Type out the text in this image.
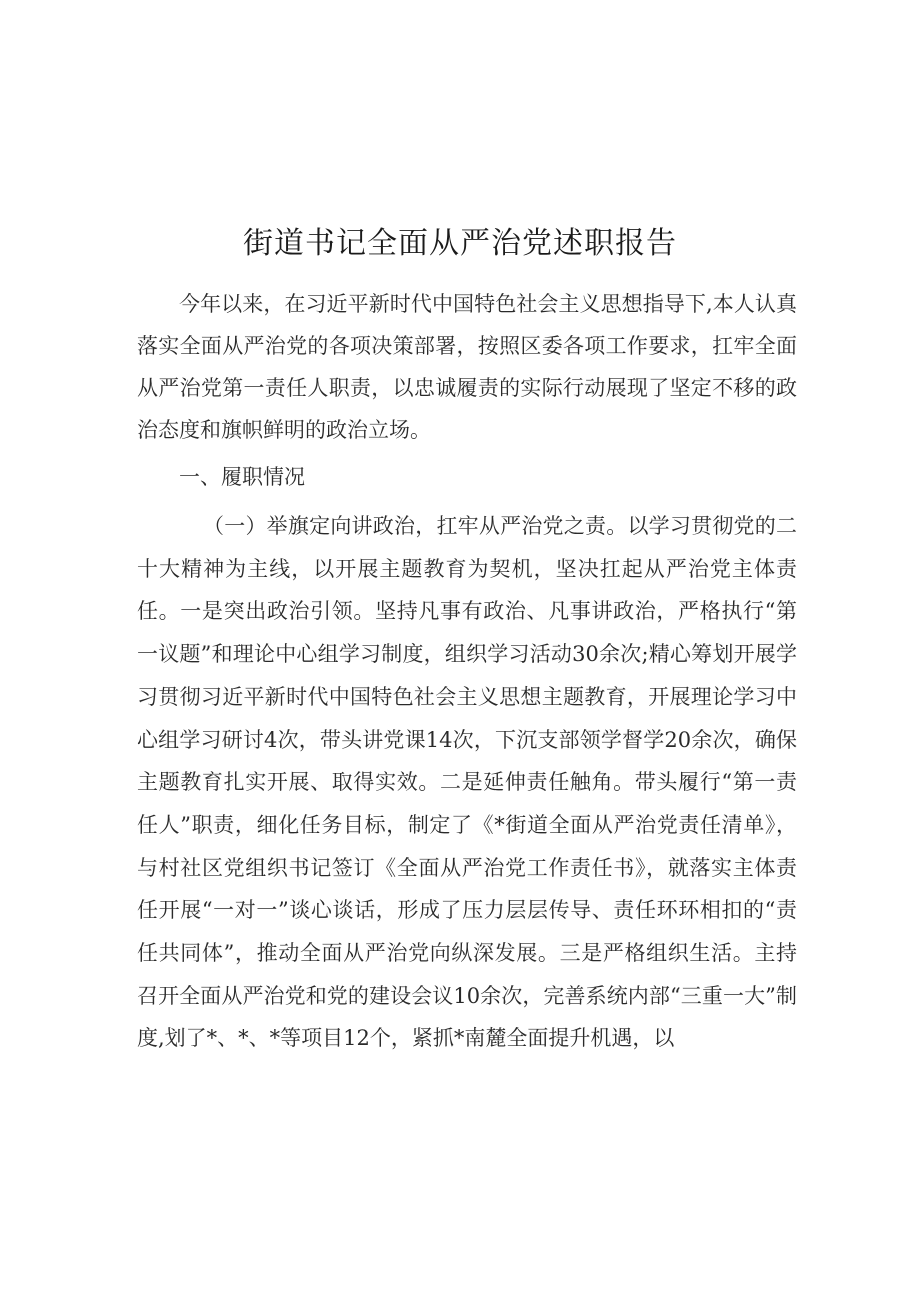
街道书记全面从严治党述职报告

今年以来，在习近平新时代中国特色社会主义思想指导下,本人认真落实全面从严治党的各项决策部署，按照区委各项工作要求，扛牢全面从严治党第一责任人职责，以忠诚履责的实际行动展现了坚定不移的政治态度和旗帜鲜明的政治立场。

一、履职情况

（一）举旗定向讲政治，扛牢从严治党之责。以学习贯彻党的二十大精神为主线，以开展主题教育为契机，坚决扛起从严治党主体责任。一是突出政治引领。坚持凡事有政治、凡事讲政治，严格执行“第一议题”和理论中心组学习制度，组织学习活动30余次;精心筹划开展学习贯彻习近平新时代中国特色社会主义思想主题教育，开展理论学习中心组学习研讨4次，带头讲党课14次，下沉支部领学督学20余次，确保主题教育扎实开展、取得实效。二是延伸责任触角。带头履行“第一责任人”职责，细化任务目标，制定了《*街道全面从严治党责任清单》，与村社区党组织书记签订《全面从严治党工作责任书》，就落实主体责任开展“一对一”谈心谈话，形成了压力层层传导、责任环环相扣的“责任共同体”，推动全面从严治党向纵深发展。三是严格组织生活。主持召开全面从严治党和党的建设会议10余次，完善系统内部“三重一大”制度,划了*、*、*等项目12个，紧抓*南麓全面提升机遇，以
